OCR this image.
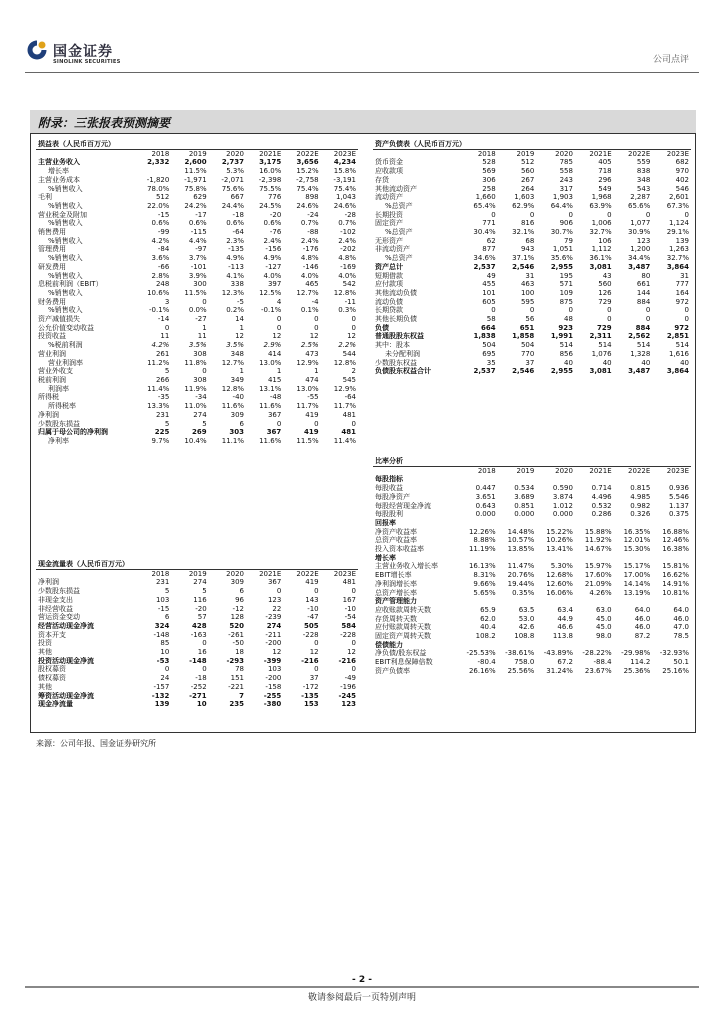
国金证券
SINOLINK SECURITIES	公司点评
附录：三张报表预测摘要
损益表（人民币百万元）						
	2018	2019	2020	2021E	2022E	2023E
主营业务收入	2,332	2,600	2,737	3,175	3,656	4,234
增长率		11.5%	5.3%	16.0%	15.2%	15.8%
主营业务成本	-1,820	-1,971	-2,071	-2,398	-2,758	-3,191
%销售收入	78.0%	75.8%	75.6%	75.5%	75.4%	75.4%
毛利	512	629	667	776	898	1,043
%销售收入	22.0%	24.2%	24.4%	24.5%	24.6%	24.6%
营业税金及附加	-15	-17	-18	-20	-24	-28
%销售收入	0.6%	0.6%	0.6%	0.6%	0.7%	0.7%
销售费用	-99	-115	-64	-76	-88	-102
%销售收入	4.2%	4.4%	2.3%	2.4%	2.4%	2.4%
管理费用	-84	-97	-135	-156	-176	-202
%销售收入	3.6%	3.7%	4.9%	4.9%	4.8%	4.8%
研发费用	-66	-101	-113	-127	-146	-169
%销售收入	2.8%	3.9%	4.1%	4.0%	4.0%	4.0%
息税前利润（EBIT）	248	300	338	397	465	542
%销售收入	10.6%	11.5%	12.3%	12.5%	12.7%	12.8%
财务费用	3	0	-5	4	-4	-11
%销售收入	-0.1%	0.0%	0.2%	-0.1%	0.1%	0.3%
资产减值损失	-14	-27	14	0	0	0
公允价值变动收益	0	1	1	0	0	0
投资收益	11	11	12	12	12	12
%税前利润	4.2%	3.5%	3.5%	2.9%	2.5%	2.2%
营业利润	261	308	348	414	473	544
营业利润率	11.2%	11.8%	12.7%	13.0%	12.9%	12.8%
营业外收支	5	0	1	1	1	2
税前利润	266	308	349	415	474	545
利润率	11.4%	11.9%	12.8%	13.1%	13.0%	12.9%
所得税	-35	-34	-40	-48	-55	-64
所得税率	13.3%	11.0%	11.6%	11.6%	11.7%	11.7%
净利润	231	274	309	367	419	481
少数股东损益	5	5	6	0	0	0
归属于母公司的净利润	225	269	303	367	419	481
净利率	9.7%	10.4%	11.1%	11.6%	11.5%	11.4%
现金流量表（人民币百万元）						
	2018	2019	2020	2021E	2022E	2023E
净利润	231	274	309	367	419	481
少数股东损益	5	5	6	0	0	0
非现金支出	103	116	96	123	143	167
非经营收益	-15	-20	-12	22	-10	-10
营运资金变动	6	57	128	-239	-47	-54
经营活动现金净流	324	428	520	274	505	584
资本开支	-148	-163	-261	-211	-228	-228
投资	85	0	-50	-200	0	0
其他	10	16	18	12	12	12
投资活动现金净流	-53	-148	-293	-399	-216	-216
股权募资	0	0	78	103	0	0
债权募资	24	-18	151	-200	37	-49
其他	-157	-252	-221	-158	-172	-196
筹资活动现金净流	-132	-271	7	-255	-135	-245
现金净流量	139	10	235	-380	153	123
资产负债表（人民币百万元）						
	2018	2019	2020	2021E	2022E	2023E
货币资金	528	512	785	405	559	682
应收款项	569	560	558	718	838	970
存货	306	267	243	296	348	402
其他流动资产	258	264	317	549	543	546
流动资产	1,660	1,603	1,903	1,968	2,287	2,601
%总资产	65.4%	62.9%	64.4%	63.9%	65.6%	67.3%
长期投资	0	0	0	0	0	0
固定资产	771	816	906	1,006	1,077	1,124
%总资产	30.4%	32.1%	30.7%	32.7%	30.9%	29.1%
无形资产	62	68	79	106	123	139
非流动资产	877	943	1,051	1,112	1,200	1,263
%总资产	34.6%	37.1%	35.6%	36.1%	34.4%	32.7%
资产总计	2,537	2,546	2,955	3,081	3,487	3,864
短期借款	49	31	195	43	80	31
应付款项	455	463	571	560	661	777
其他流动负债	101	100	109	126	144	164
流动负债	605	595	875	729	884	972
长期贷款	0	0	0	0	0	0
其他长期负债	58	56	48	0	0	0
负债	664	651	923	729	884	972
普通股股东权益	1,838	1,858	1,991	2,311	2,562	2,851
其中：股本	504	504	514	514	514	514
未分配利润	695	770	856	1,076	1,328	1,616
少数股东权益	35	37	40	40	40	40
负债股东权益合计	2,537	2,546	2,955	3,081	3,487	3,864
比率分析						
	2018	2019	2020	2021E	2022E	2023E
每股指标						
每股收益	0.447	0.534	0.590	0.714	0.815	0.936
每股净资产	3.651	3.689	3.874	4.496	4.985	5.546
每股经营现金净流	0.643	0.851	1.012	0.532	0.982	1.137
每股股利	0.000	0.000	0.000	0.286	0.326	0.375
回报率						
净资产收益率	12.26%	14.48%	15.22%	15.88%	16.35%	16.88%
总资产收益率	8.88%	10.57%	10.26%	11.92%	12.01%	12.46%
投入资本收益率	11.19%	13.85%	13.41%	14.67%	15.30%	16.38%
增长率						
主营业务收入增长率	16.13%	11.47%	5.30%	15.97%	15.17%	15.81%
EBIT增长率	8.31%	20.76%	12.68%	17.60%	17.00%	16.62%
净利润增长率	9.66%	19.44%	12.60%	21.09%	14.14%	14.91%
总资产增长率	5.65%	0.35%	16.06%	4.26%	13.19%	10.81%
资产管理能力						
应收账款周转天数	65.9	63.5	63.4	63.0	64.0	64.0
存货周转天数	62.0	53.0	44.9	45.0	46.0	46.0
应付账款周转天数	40.4	42.6	46.6	45.0	46.0	47.0
固定资产周转天数	108.2	108.8	113.8	98.0	87.2	78.5
偿债能力						
净负债/股东权益	-25.53%	-38.61%	-43.89%	-28.22%	-29.98%	-32.93%
EBIT利息保障倍数	-80.4	758.0	67.2	-88.4	114.2	50.1
资产负债率	26.16%	25.56%	31.24%	23.67%	25.36%	25.16%
来源：公司年报、国金证券研究所
- 2 -
敬请参阅最后一页特别声明
